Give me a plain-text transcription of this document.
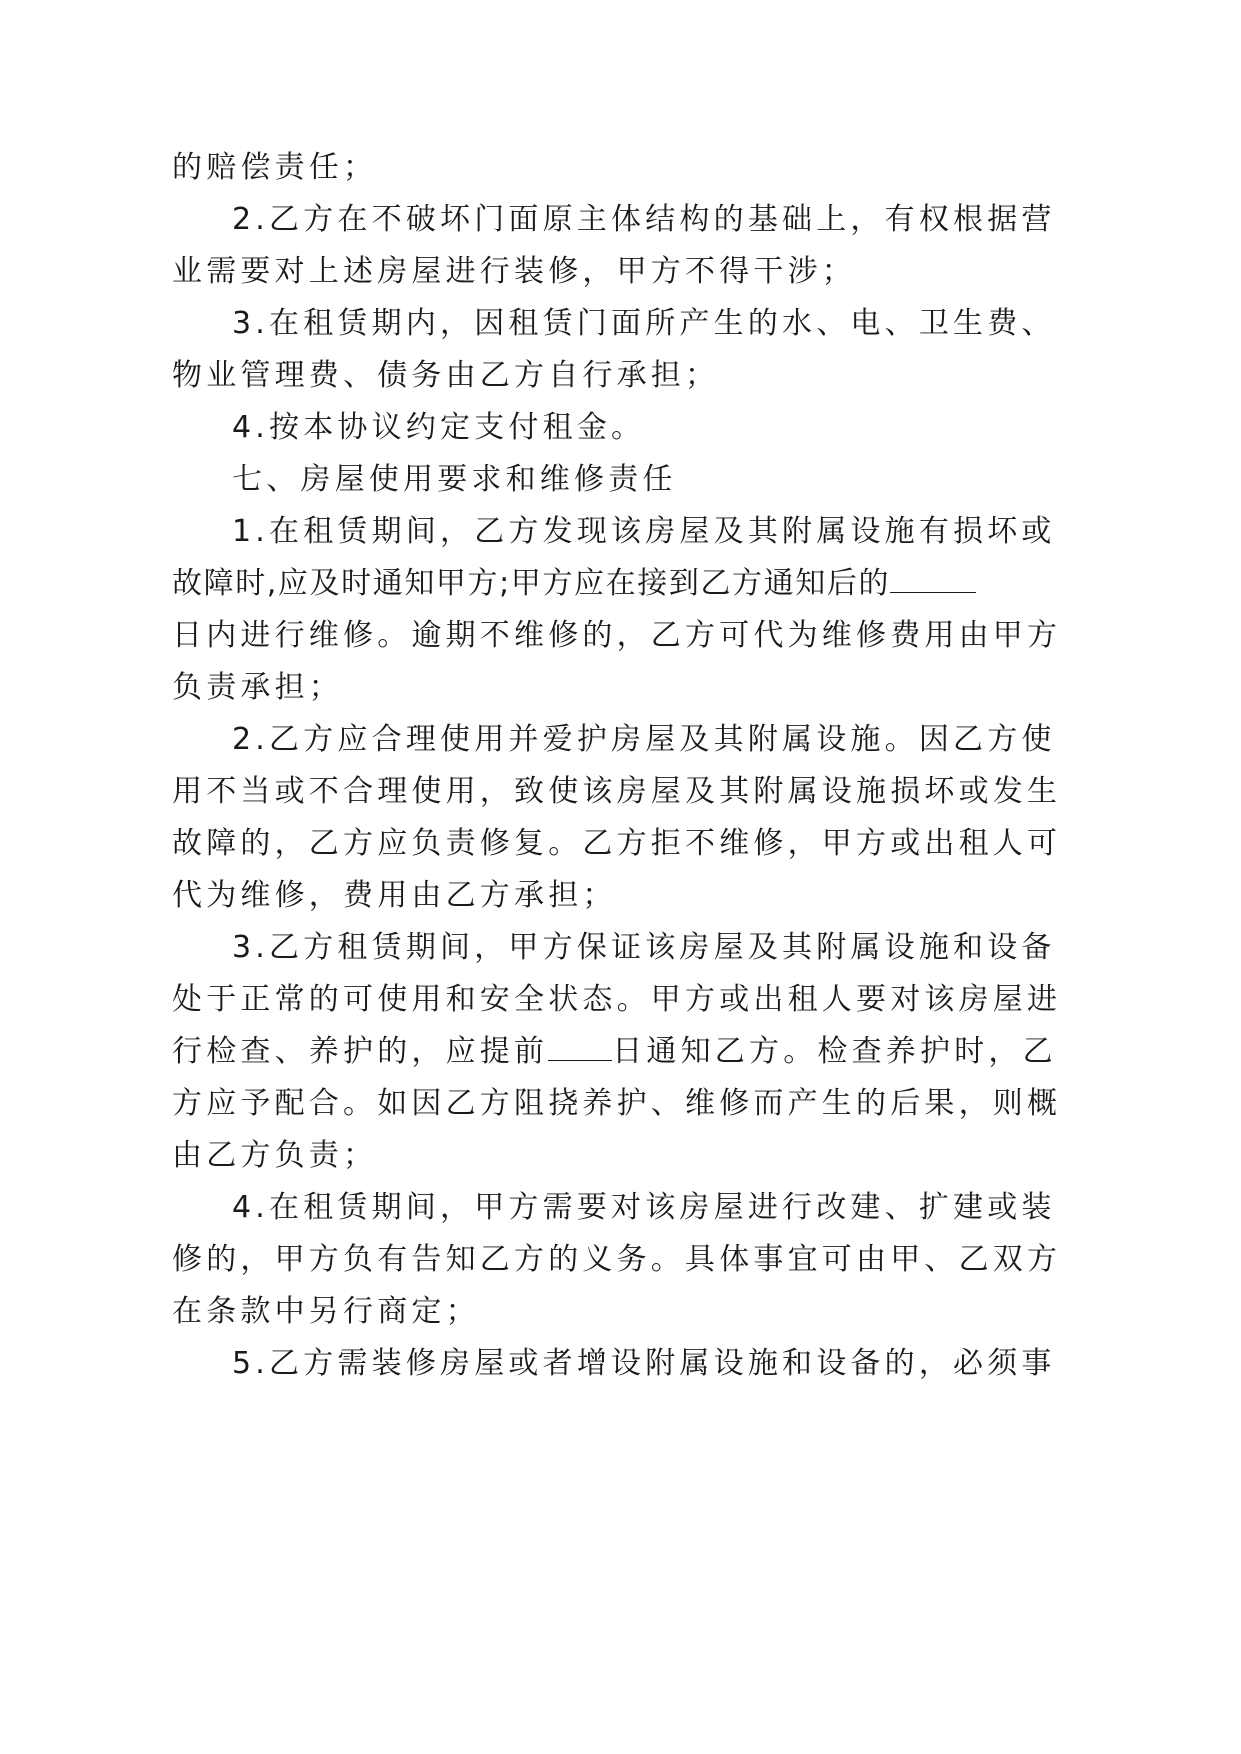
的赔偿责任；
2.乙方在不破坏门面原主体结构的基础上，有权根据营
业需要对上述房屋进行装修，甲方不得干涉；
3.在租赁期内，因租赁门面所产生的水、电、卫生费、
物业管理费、债务由乙方自行承担；
4.按本协议约定支付租金。
七、房屋使用要求和维修责任
1.在租赁期间，乙方发现该房屋及其附属设施有损坏或
故障时,应及时通知甲方;甲方应在接到乙方通知后的
日内进行维修。逾期不维修的，乙方可代为维修费用由甲方
负责承担；
2.乙方应合理使用并爱护房屋及其附属设施。因乙方使
用不当或不合理使用，致使该房屋及其附属设施损坏或发生
故障的，乙方应负责修复。乙方拒不维修，甲方或出租人可
代为维修，费用由乙方承担；
3.乙方租赁期间，甲方保证该房屋及其附属设施和设备
处于正常的可使用和安全状态。甲方或出租人要对该房屋进
行检查、养护的，应提前 日通知乙方。检查养护时，乙
方应予配合。如因乙方阻挠养护、维修而产生的后果，则概
由乙方负责；
4.在租赁期间，甲方需要对该房屋进行改建、扩建或装
修的，甲方负有告知乙方的义务。具体事宜可由甲、乙双方
在条款中另行商定；
5.乙方需装修房屋或者增设附属设施和设备的，必须事
